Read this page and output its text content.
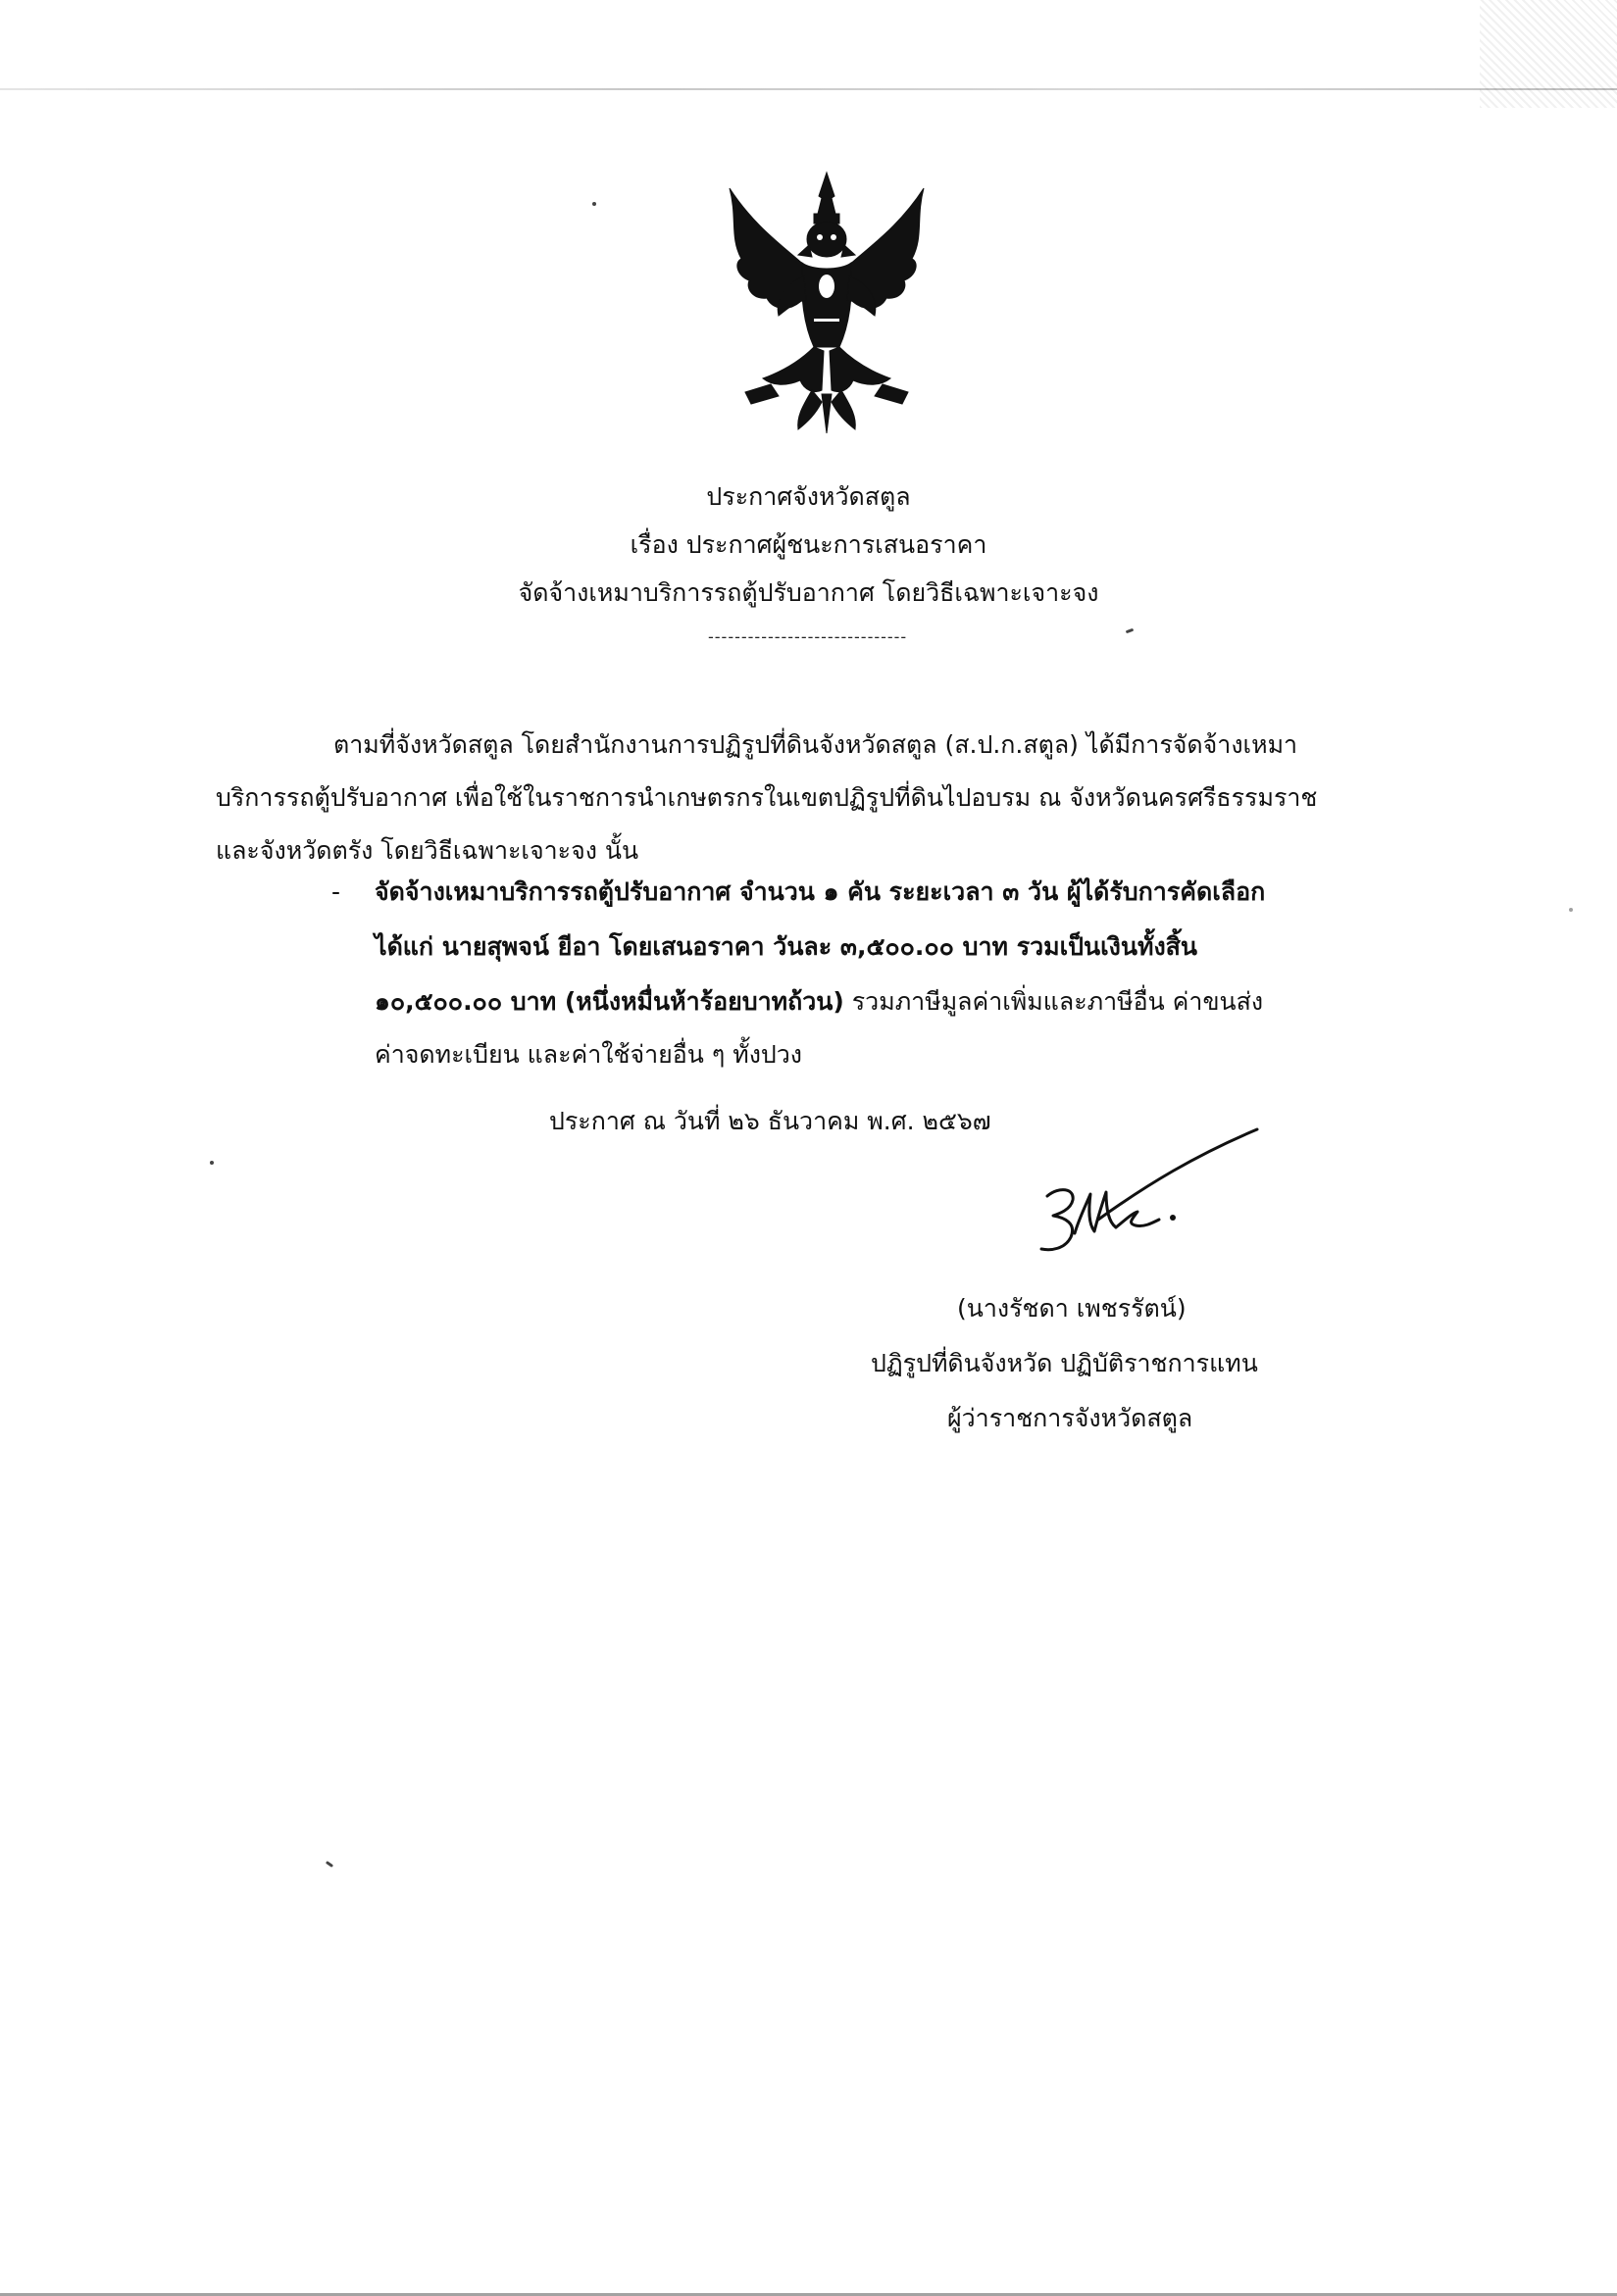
ประกาศจังหวัดสตูล
เรื่อง ประกาศผู้ชนะการเสนอราคา
จัดจ้างเหมาบริการรถตู้ปรับอากาศ โดยวิธีเฉพาะเจาะจง
------------------------------
ตามที่จังหวัดสตูล โดยสำนักงานการปฏิรูปที่ดินจังหวัดสตูล (ส.ป.ก.สตูล) ได้มีการจัดจ้างเหมา
บริการรถตู้ปรับอากาศ เพื่อใช้ในราชการนำเกษตรกรในเขตปฏิรูปที่ดินไปอบรม ณ จังหวัดนครศรีธรรมราช
และจังหวัดตรัง โดยวิธีเฉพาะเจาะจง นั้น
- จัดจ้างเหมาบริการรถตู้ปรับอากาศ จำนวน ๑ คัน ระยะเวลา ๓ วัน ผู้ได้รับการคัดเลือก
ได้แก่ นายสุพจน์ ยีอา โดยเสนอราคา วันละ ๓,๕๐๐.๐๐ บาท รวมเป็นเงินทั้งสิ้น
๑๐,๕๐๐.๐๐ บาท (หนึ่งหมื่นห้าร้อยบาทถ้วน) รวมภาษีมูลค่าเพิ่มและภาษีอื่น ค่าขนส่ง
ค่าจดทะเบียน และค่าใช้จ่ายอื่น ๆ ทั้งปวง
ประกาศ ณ วันที่ ๒๖ ธันวาคม พ.ศ. ๒๕๖๗
(นางรัชดา เพชรรัตน์)
ปฏิรูปที่ดินจังหวัด ปฏิบัติราชการแทน
ผู้ว่าราชการจังหวัดสตูล
